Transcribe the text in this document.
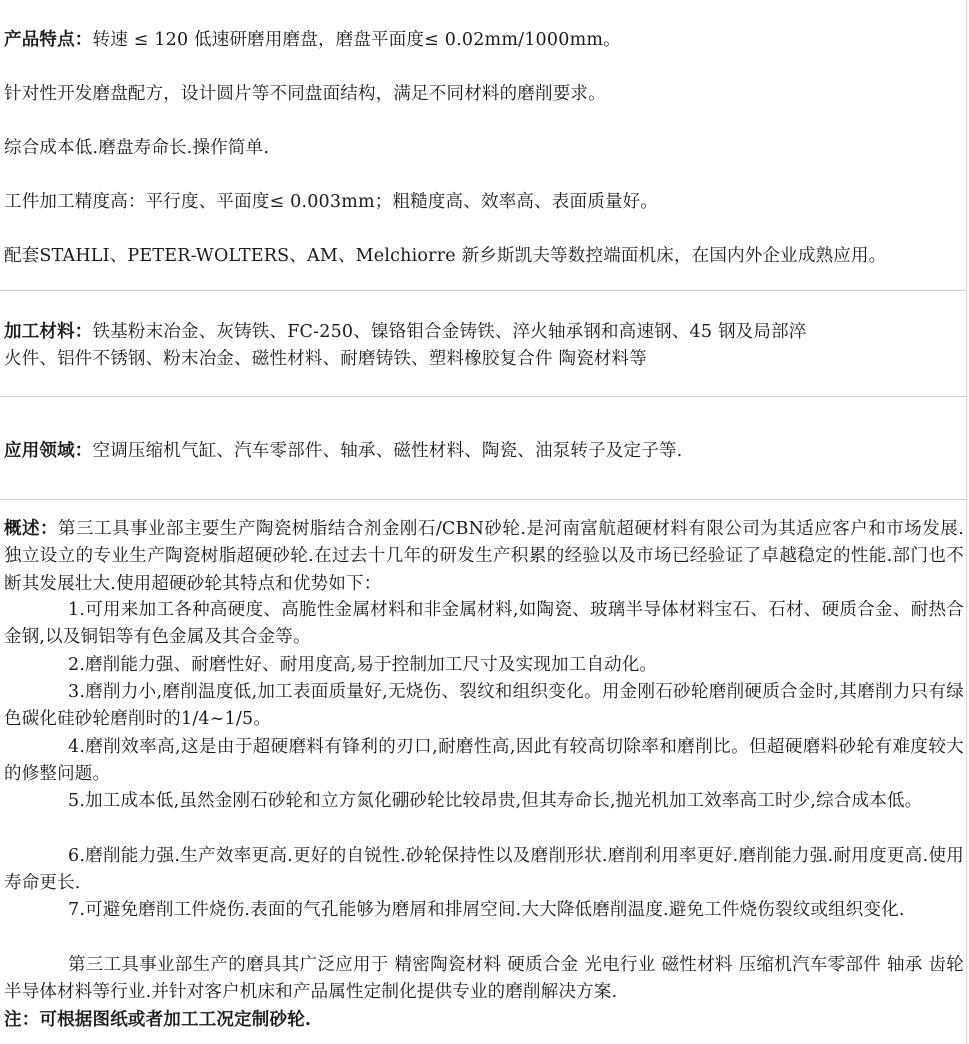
产品特点：转速 ≤ 120 低速研磨用磨盘，磨盘平面度≤ 0.02mm/1000mm。
针对性开发磨盘配方，设计圆片等不同盘面结构，满足不同材料的磨削要求。
综合成本低.磨盘寿命长.操作简单.
工件加工精度高：平行度、平面度≤ 0.003mm；粗糙度高、效率高、表面质量好。
配套STAHLI、PETER-WOLTERS、AM、Melchiorre 新乡斯凯夫等数控端面机床，在国内外企业成熟应用。
加工材料：铁基粉末冶金、灰铸铁、FC-250、镍铬钼合金铸铁、淬火轴承钢和高速钢、45 钢及局部淬
火件、铝件不锈钢、粉末冶金、磁性材料、耐磨铸铁、塑料橡胶复合件 陶瓷材料等
应用领域：空调压缩机气缸、汽车零部件、轴承、磁性材料、陶瓷、油泵转子及定子等.

概述：第三工具事业部主要生产陶瓷树脂结合剂金刚石/CBN砂轮.是河南富航超硬材料有限公司为其适应客户和市场发展.独立设立的专业生产陶瓷树脂超硬砂轮.在过去十几年的研发生产积累的经验以及市场已经验证了卓越稳定的性能.部门也不断其发展壮大.使用超硬砂轮其特点和优势如下：

1.可用来加工各种高硬度、高脆性金属材料和非金属材料,如陶瓷、玻璃半导体材料宝石、石材、硬质合金、耐热合金钢,以及铜铝等有色金属及其合金等。

2.磨削能力强、耐磨性好、耐用度高,易于控制加工尺寸及实现加工自动化。

3.磨削力小,磨削温度低,加工表面质量好,无烧伤、裂纹和组织变化。用金刚石砂轮磨削硬质合金时,其磨削力只有绿色碳化硅砂轮磨削时的1/4~1/5。

4.磨削效率高,这是由于超硬磨料有锋利的刃口,耐磨性高,因此有较高切除率和磨削比。但超硬磨料砂轮有难度较大的修整问题。

5.加工成本低,虽然金刚石砂轮和立方氮化硼砂轮比较昂贵,但其寿命长,抛光机加工效率高工时少,综合成本低。

6.磨削能力强.生产效率更高.更好的自锐性.砂轮保持性以及磨削形状.磨削利用率更好.磨削能力强.耐用度更高.使用寿命更长.

7.可避免磨削工件烧伤.表面的气孔能够为磨屑和排屑空间.大大降低磨削温度.避免工件烧伤裂纹或组织变化.

第三工具事业部生产的磨具其广泛应用于 精密陶瓷材料 硬质合金 光电行业 磁性材料 压缩机汽车零部件 轴承 齿轮 半导体材料等行业.并针对客户机床和产品属性定制化提供专业的磨削解决方案.

注：可根据图纸或者加工工况定制砂轮.
